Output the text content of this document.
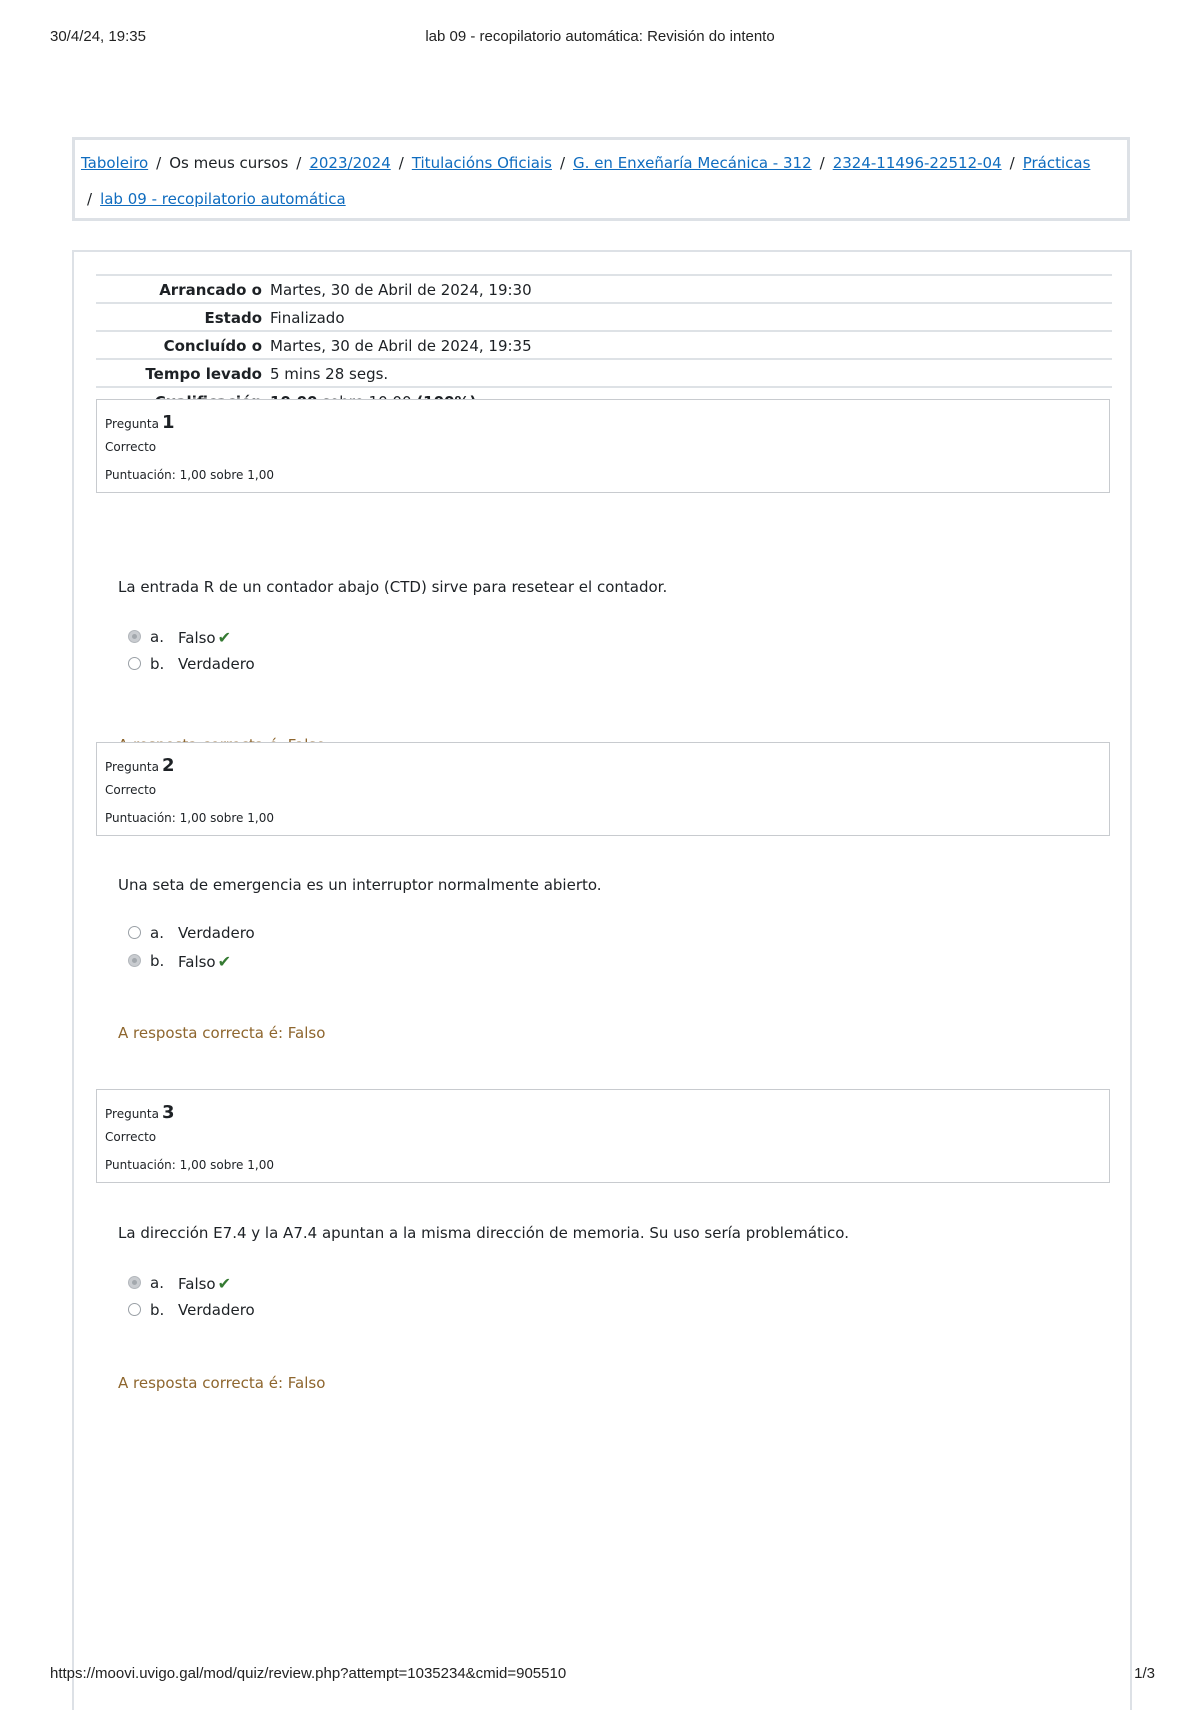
30/4/24, 19:35	lab 09 - recopilatorio automática: Revisión do intento
Taboleiro / Os meus cursos / 2023/2024 / Titulacións Oficiais / G. en Enxeñaría Mecánica - 312 / 2324-11496-22512-04 / Prácticas
/ lab 09 - recopilatorio automática
Arrancado o Martes, 30 de Abril de 2024, 19:30
Estado Finalizado
Concluído o Martes, 30 de Abril de 2024, 19:35
Tempo levado 5 mins 28 segs.
Pregunta 1
Correcto
Puntuación: 1,00 sobre 1,00
La entrada R de un contador abajo (CTD) sirve para resetear el contador.
a. Falso ✔
b. Verdadero
Pregunta 2
Correcto
Puntuación: 1,00 sobre 1,00
Una seta de emergencia es un interruptor normalmente abierto.
a. Verdadero
b. Falso ✔
A resposta correcta é: Falso
Pregunta 3
Correcto
Puntuación: 1,00 sobre 1,00
La dirección E7.4 y la A7.4 apuntan a la misma dirección de memoria. Su uso sería problemático.
a. Falso ✔
b. Verdadero
A resposta correcta é: Falso
https://moovi.uvigo.gal/mod/quiz/review.php?attempt=1035234&cmid=905510	1/3
